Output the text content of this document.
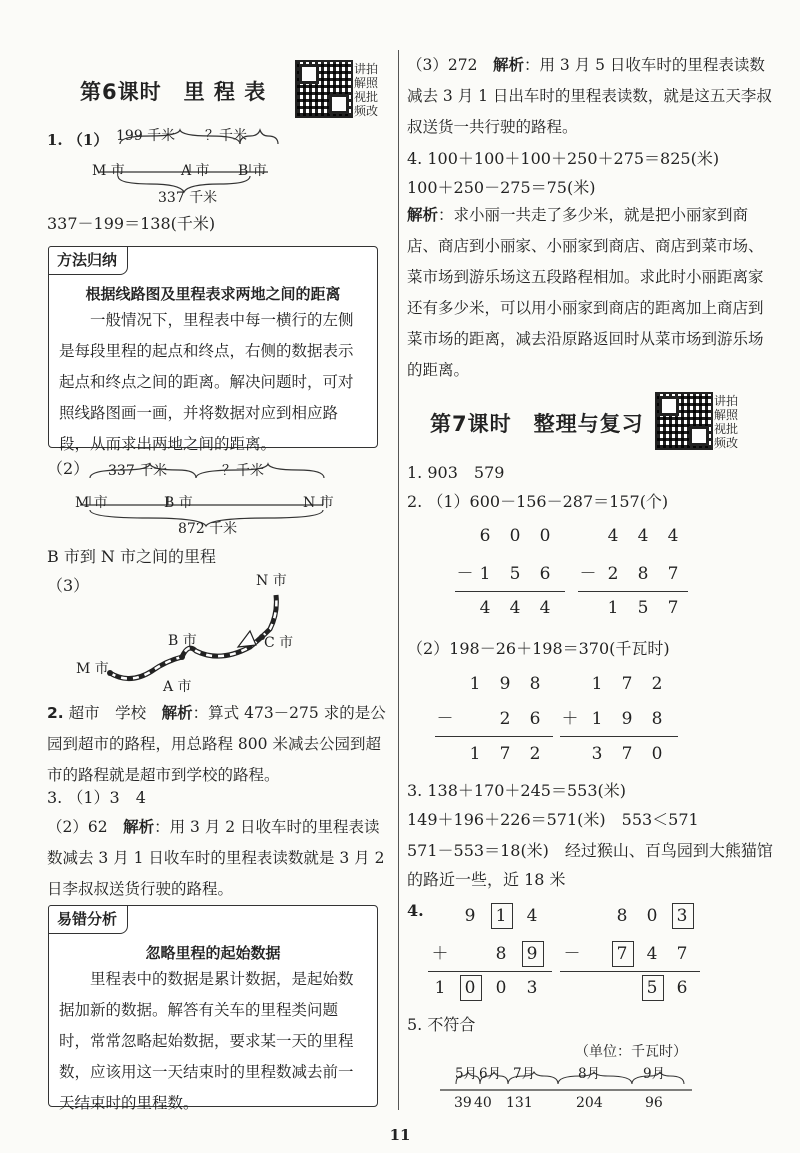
第6课时　里 程 表
讲拍解照视批频改
1. （1） 199 千米 ？千米
M 市	A 市 B 市
337 千米
337－199＝138(千米)
方法归纳
根据线路图及里程表求两地之间的距离
一般情况下，里程表中每一横行的左侧是每段里程的起点和终点，右侧的数据表示起点和终点之间的距离。解决问题时，可对照线路图画一画，并将数据对应到相应路段，从而求出两地之间的距离。
（2） 337 千米	？千米
M 市	B 市	N 市
872 千米
B 市到 N 市之间的里程
（3）	N 市
B 市	C 市
M 市
A 市
2. 超市　学校　 解析：算式 473－275 求的是公园到超市的路程，用总路程 800 米减去公园到超市的路程就是超市到学校的路程。
3. （1）3　4
（2）62　 解析：用 3 月 2 日收车时的里程表读数减去 3 月 1 日收车时的里程表读数就是 3 月 2 日李叔叔送货行驶的路程。
易错分析
忽略里程的起始数据
里程表中的数据是累计数据，是起始数据加新的数据。解答有关车的里程类问题时，常常忽略起始数据，要求某一天的里程数，应该用这一天结束时的里程数减去前一天结束时的里程数。
（3）272　 解析：用 3 月 5 日收车时的里程表读数减去 3 月 1 日出车时的里程表读数，就是这五天李叔叔送货一共行驶的路程。
4. 100＋100＋100＋250＋275＝825(米)
100＋250－275＝75(米)
解析：求小丽一共走了多少米，就是把小丽家到商店、商店到小丽家、小丽家到商店、商店到菜市场、菜市场到游乐场这五段路程相加。求此时小丽距离家还有多少米，可以用小丽家到商店的距离加上商店到菜市场的距离，减去沿原路返回时从菜市场到游乐场的距离。
第7课时　整理与复习
讲拍解照视批频改
1. 903　579
2. （1）600－156－287＝157(个)
6 0 0
－ 1 5 6
4 4 4
4 4 4
－ 2 8 7
1 5 7
（2）198－26＋198＝370(千瓦时)
1 9 8
－	2 6
1 7 2
1 7 2
＋ 1 9 8
3 7 0
3. 138＋170＋245＝553(米)
149＋196＋226＝571(米)　553＜571
571－553＝18(米)　经过猴山、百鸟园到大熊猫馆
的路近一些，近 18 米
4. 9 1 4
＋	8 9
1 0 0 3
8 0 3
－ 7 4 7
5 6
5. 不符合
（单位：千瓦时）
5月 6月 7月	8月	9月
39 40 131	204	96
11
